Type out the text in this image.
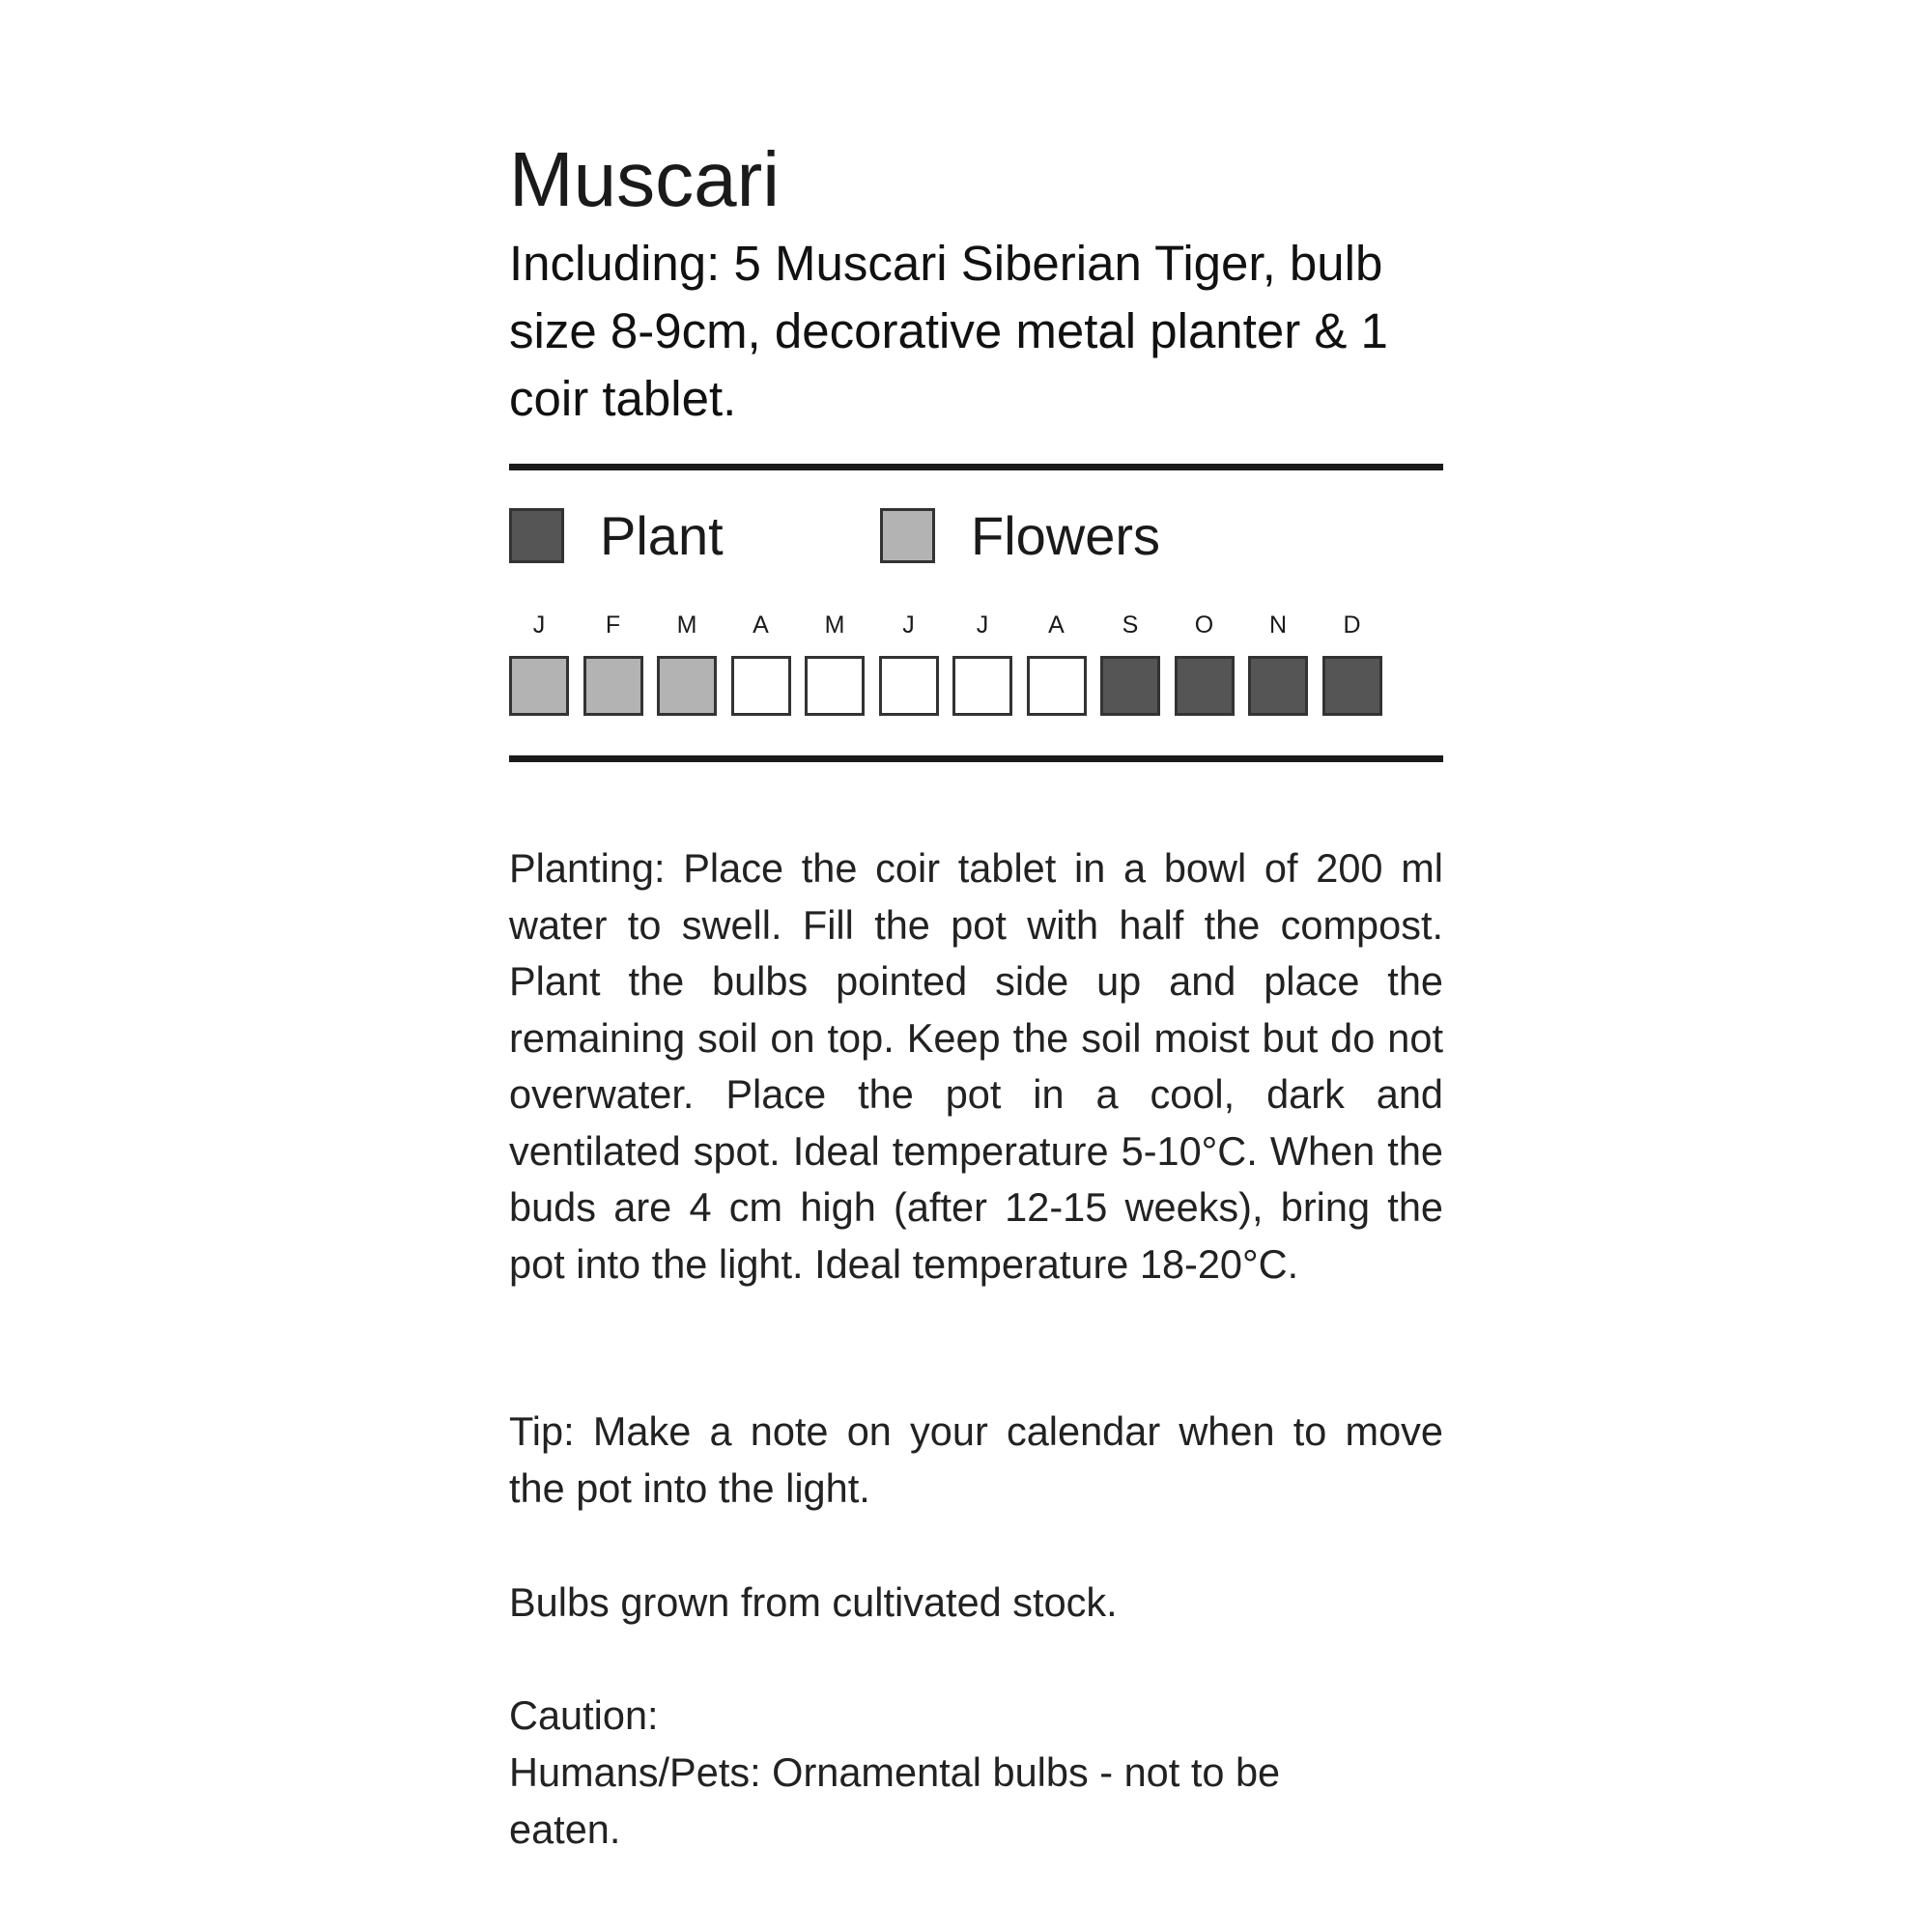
Muscari
Including: 5 Muscari Siberian Tiger, bulb size 8-9cm, decorative metal planter & 1 coir tablet.
Plant	Flowers
J	F	M	A	M	J	J	A	S	O	N	D

Planting: Place the coir tablet in a bowl of 200 ml water to swell. Fill the pot with half the compost. Plant the bulbs pointed side up and place the remaining soil on top. Keep the soil moist but do not overwater. Place the pot in a cool, dark and ventilated spot. Ideal temperature 5-10°C. When the buds are 4 cm high (after 12-15 weeks), bring the pot into the light. Ideal temperature 18-20°C.

Tip: Make a note on your calendar when to move the pot into the light.

Bulbs grown from cultivated stock.

Caution:

Humans/Pets: Ornamental bulbs - not to be eaten.
